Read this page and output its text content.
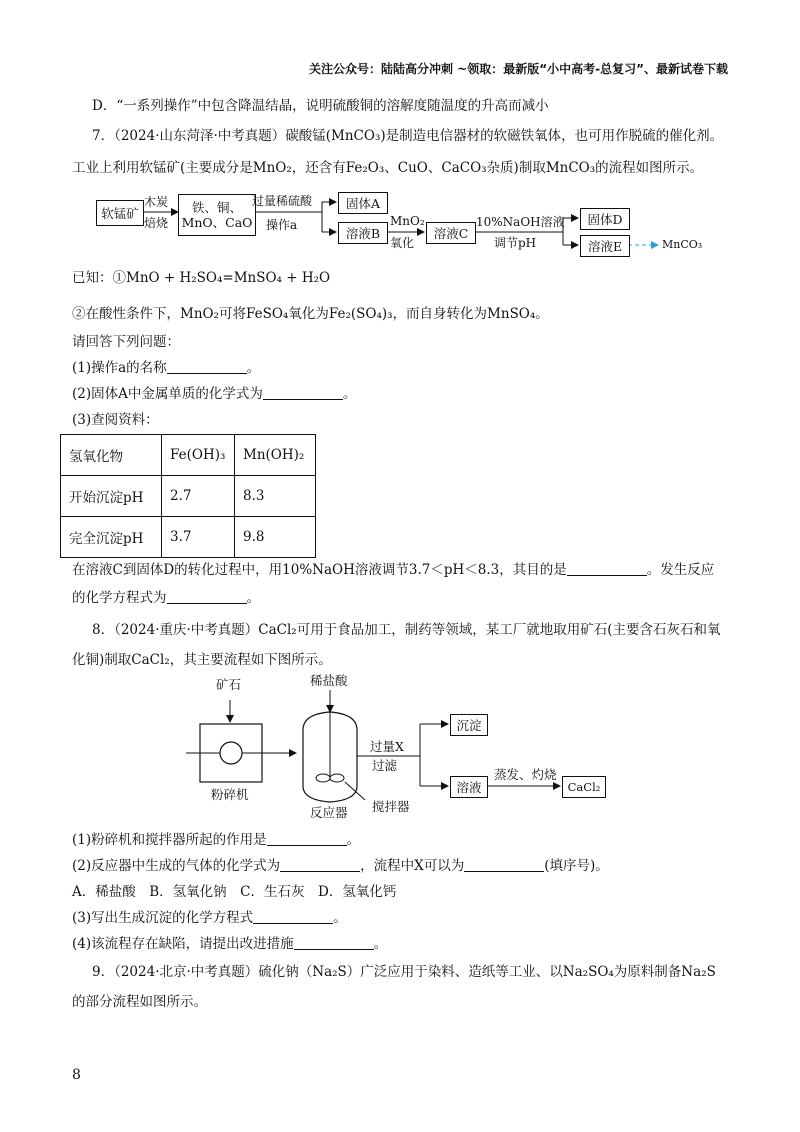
关注公众号：陆陆高分冲刺 ~领取：最新版“小中高考-总复习”、最新试卷下载
D．“一系列操作”中包含降温结晶，说明硫酸铜的溶解度随温度的升高而减小
7．（2024·山东菏泽·中考真题）碳酸锰(MnCO₃)是制造电信器材的软磁铁氧体，也可用作脱硫的催化剂。
工业上利用软锰矿(主要成分是MnO₂，还含有Fe₂O₃、CuO、CaCO₃杂质)制取MnCO₃的流程如图所示。
软锰矿
木炭
焙烧
铁、铜、MnO、CaO
过量稀硫酸
操作a
固体A
溶液B
MnO₂
氧化
溶液C
10%NaOH溶液
调节pH
固体D
溶液E	MnCO₃
已知：①MnO + H₂SO₄=MnSO₄ + H₂O
②在酸性条件下，MnO₂可将FeSO₄氧化为Fe₂(SO₄)₃，而自身转化为MnSO₄。
请回答下列问题：
(1)操作a的名称	。
(2)固体A中金属单质的化学式为	。
(3)查阅资料：
氢氧化物	Fe(OH)₃	Mn(OH)₂
开始沉淀pH	2.7	8.3
完全沉淀pH	3.7	9.8
在溶液C到固体D的转化过程中，用10%NaOH溶液调节3.7＜pH＜8.3，其目的是	。发生反应
的化学方程式为	。
8．（2024·重庆·中考真题）CaCl₂可用于食品加工，制药等领域，某工厂就地取用矿石(主要含石灰石和氧
化铜)制取CaCl₂，其主要流程如下图所示。
矿石	稀盐酸
粉碎机
反应器 搅拌器
过量X
过滤
沉淀
溶液
蒸发、灼烧
CaCl₂
(1)粉碎机和搅拌器所起的作用是	。
(2)反应器中生成的气体的化学式为	，流程中X可以为	(填序号)。
A．稀盐酸　B．氢氧化钠　C．生石灰　D．氢氧化钙
(3)写出生成沉淀的化学方程式	。
(4)该流程存在缺陷，请提出改进措施	。
9．（2024·北京·中考真题）硫化钠（Na₂S）广泛应用于染料、造纸等工业、以Na₂SO₄为原料制备Na₂S
的部分流程如图所示。
8
